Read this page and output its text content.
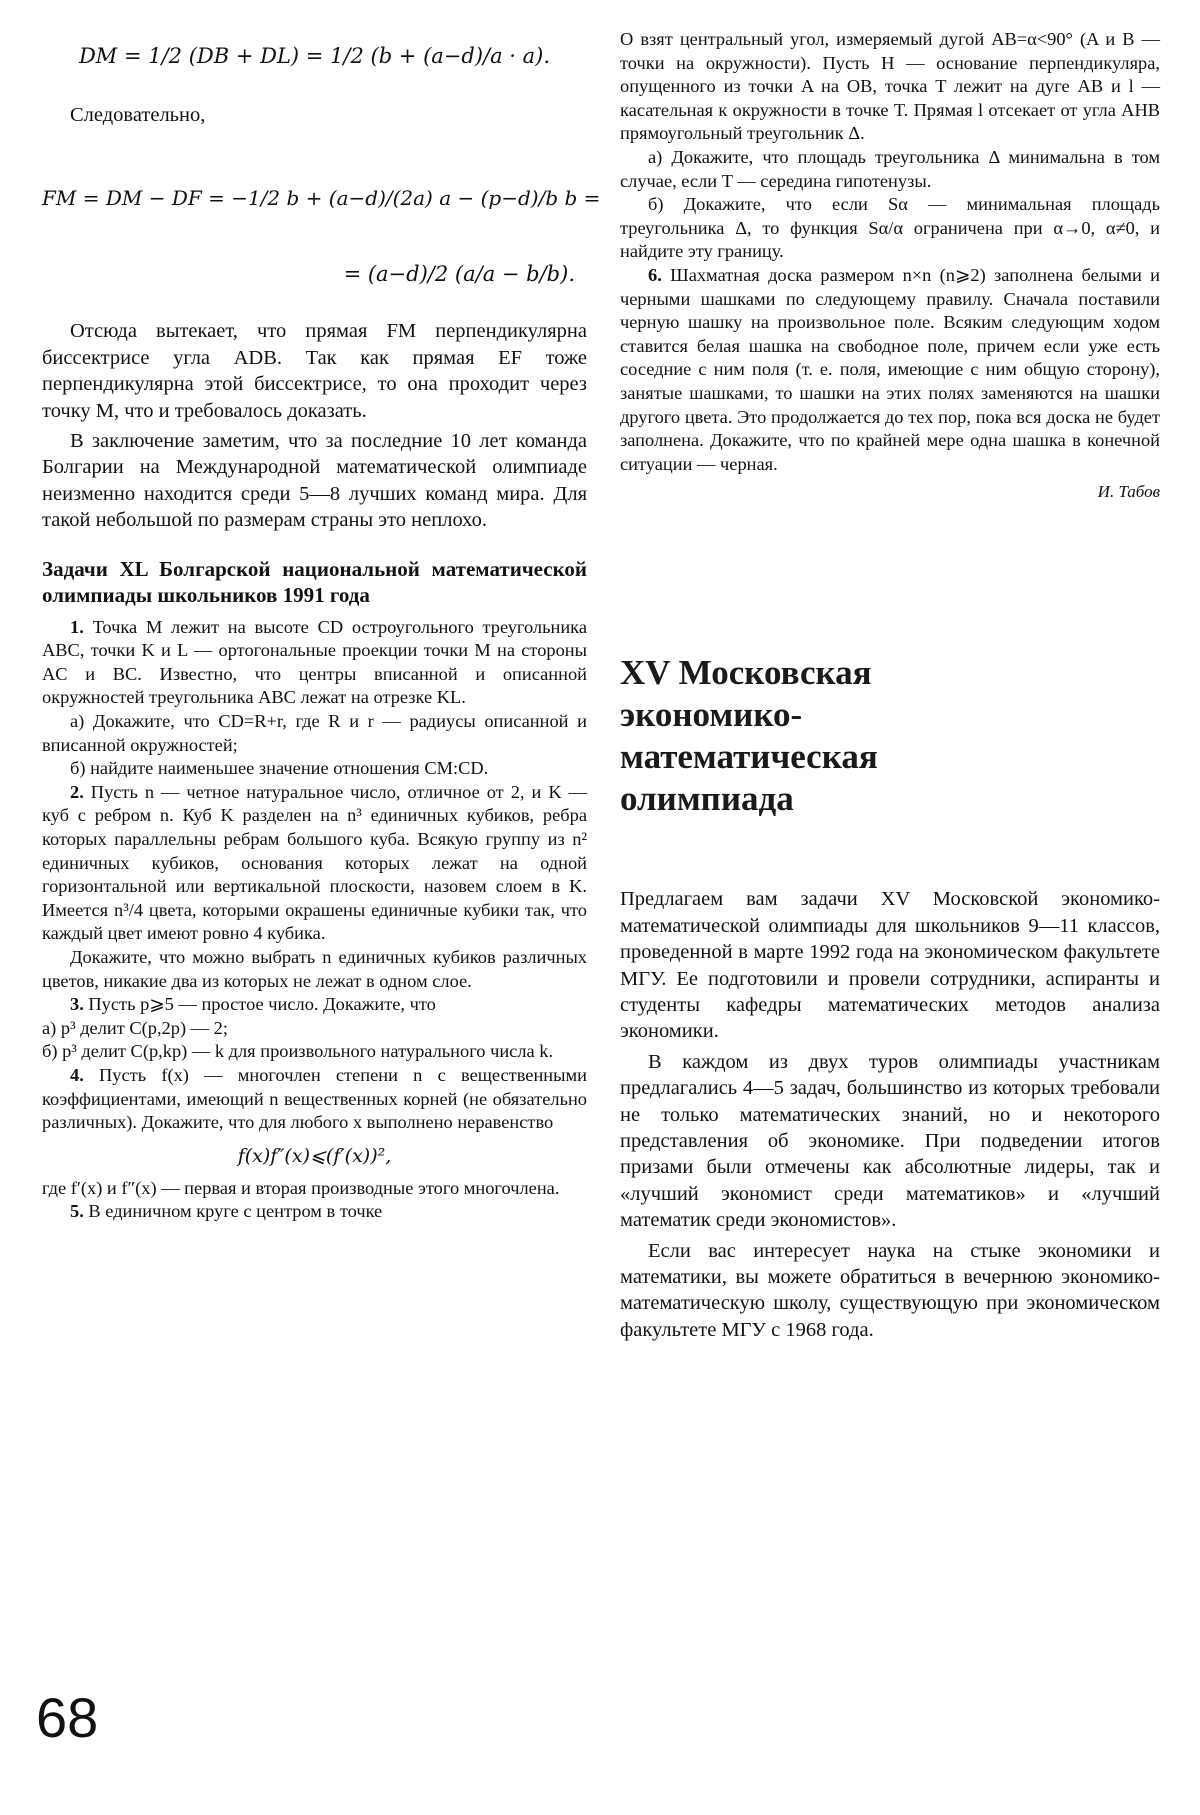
DM = 1/2 (DB + DL) = 1/2 (b + (a−d)/a · a).

Следовательно,

FM = DM − DF = −1/2 b + (a−d)/(2a) a − (p−d)/b b =
= (a−d)/2 (a/a − b/b).

Отсюда вытекает, что прямая FM перпендикулярна биссектрисе угла ADB. Так как прямая EF тоже перпендикулярна этой биссектрисе, то она проходит через точку M, что и требовалось доказать.

В заключение заметим, что за последние 10 лет команда Болгарии на Международной математической олимпиаде неизменно находится среди 5—8 лучших команд мира. Для такой небольшой по размерам страны это неплохо.

Задачи XL Болгарской национальной математической олимпиады школьников 1991 года

1. Точка M лежит на высоте CD остроугольного треугольника ABC, точки K и L — ортогональные проекции точки M на стороны AC и BC. Известно, что центры вписанной и описанной окружностей треугольника ABC лежат на отрезке KL.

а) Докажите, что CD=R+r, где R и r — радиусы описанной и вписанной окружностей;

б) найдите наименьшее значение отношения CM:CD.

2. Пусть n — четное натуральное число, отличное от 2, и K — куб с ребром n. Куб K разделен на n³ единичных кубиков, ребра которых параллельны ребрам большого куба. Всякую группу из n² единичных кубиков, основания которых лежат на одной горизонтальной или вертикальной плоскости, назовем слоем в K. Имеется n³/4 цвета, которыми окрашены единичные кубики так, что каждый цвет имеют ровно 4 кубика.

Докажите, что можно выбрать n единичных кубиков различных цветов, никакие два из которых не лежат в одном слое.

3. Пусть p⩾5 — простое число. Докажите, что

а) p³ делит C(p,2p) — 2;

б) p³ делит C(p,kp) — k для произвольного натурального числа k.

4. Пусть f(x) — многочлен степени n с вещественными коэффициентами, имеющий n вещественных корней (не обязательно различных). Докажите, что для любого x выполнено неравенство

f(x)f″(x)⩽(f′(x))²,

где f′(x) и f″(x) — первая и вторая производные этого многочлена.

5. В единичном круге с центром в точке

O взят центральный угол, измеряемый дугой AB=α<90° (A и B — точки на окружности). Пусть H — основание перпендикуляра, опущенного из точки A на OB, точка T лежит на дуге AB и l — касательная к окружности в точке T. Прямая l отсекает от угла AHB прямоугольный треугольник Δ.

а) Докажите, что площадь треугольника Δ минимальна в том случае, если T — середина гипотенузы.

б) Докажите, что если Sα — минимальная площадь треугольника Δ, то функция Sα/α ограничена при α→0, α≠0, и найдите эту границу.

6. Шахматная доска размером n×n (n⩾2) заполнена белыми и черными шашками по следующему правилу. Сначала поставили черную шашку на произвольное поле. Всяким следующим ходом ставится белая шашка на свободное поле, причем если уже есть соседние с ним поля (т. е. поля, имеющие с ним общую сторону), занятые шашками, то шашки на этих полях заменяются на шашки другого цвета. Это продолжается до тех пор, пока вся доска не будет заполнена. Докажите, что по крайней мере одна шашка в конечной ситуации — черная.

И. Табов
XV Московская
экономико-
математическая
олимпиада

Предлагаем вам задачи XV Московской экономико-математической олимпиады для школьников 9—11 классов, проведенной в марте 1992 года на экономическом факультете МГУ. Ее подготовили и провели сотрудники, аспиранты и студенты кафедры математических методов анализа экономики.

В каждом из двух туров олимпиады участникам предлагались 4—5 задач, большинство из которых требовали не только математических знаний, но и некоторого представления об экономике. При подведении итогов призами были отмечены как абсолютные лидеры, так и «лучший экономист среди математиков» и «лучший математик среди экономистов».

Если вас интересует наука на стыке экономики и математики, вы можете обратиться в вечернюю экономико-математическую школу, существующую при экономическом факультете МГУ с 1968 года.

68
